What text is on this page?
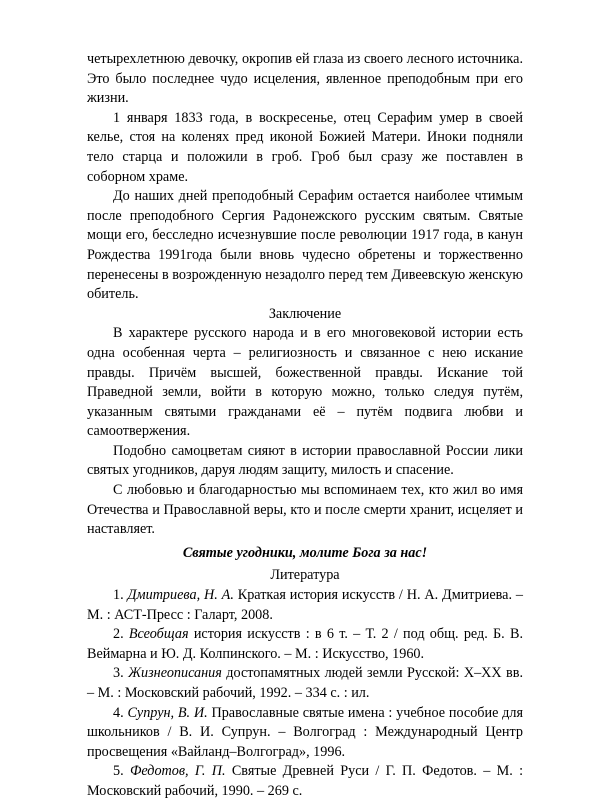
четырехлетнюю девочку, окропив ей глаза из своего лесного источника. Это было последнее чудо исцеления, явленное преподобным при его жизни.

1 января 1833 года, в воскресенье, отец Серафим умер в своей келье, стоя на коленях пред иконой Божией Матери. Иноки подняли тело старца и положили в гроб. Гроб был сразу же поставлен в соборном храме.

До наших дней преподобный Серафим остается наиболее чтимым после преподобного Сергия Радонежского русским святым. Святые мощи его, бесследно исчезнувшие после революции 1917 года, в канун Рождества 1991года были вновь чудесно обретены и торжественно перенесены в возрожденную незадолго перед тем Дивеевскую женскую обитель.

Заключение

В характере русского народа и в его многовековой истории есть одна особенная черта – религиозность и связанное с нею искание правды. Причём высшей, божественной правды. Искание той Праведной земли, войти в которую можно, только следуя путём, указанным святыми гражданами её – путём подвига любви и самоотвержения.

Подобно самоцветам сияют в истории православной России лики святых угодников, даруя людям защиту, милость и спасение.

С любовью и благодарностью мы вспоминаем тех, кто жил во имя Отечества и Православной веры, кто и после смерти хранит, исцеляет и наставляет.

Святые угодники, молите Бога за нас!

Литература

1. Дмитриева, Н. А. Краткая история искусств / Н. А. Дмитриева. – М. : АСТ-Пресс : Галарт, 2008.

2. Всеобщая история искусств : в 6 т. – Т. 2 / под общ. ред. Б. В. Веймарна и Ю. Д. Колпинского. – М. : Искусство, 1960.

3. Жизнеописания достопамятных людей земли Русской: Х–ХХ вв. – М. : Московский рабочий, 1992. – 334 с. : ил.

4. Супрун, В. И. Православные святые имена : учебное пособие для школьников / В. И. Супрун. – Волгоград : Международный Центр просвещения «Вайланд–Волгоград», 1996.

5. Федотов, Г. П. Святые Древней Руси / Г. П. Федотов. – М. : Московский рабочий, 1990. – 269 с.
